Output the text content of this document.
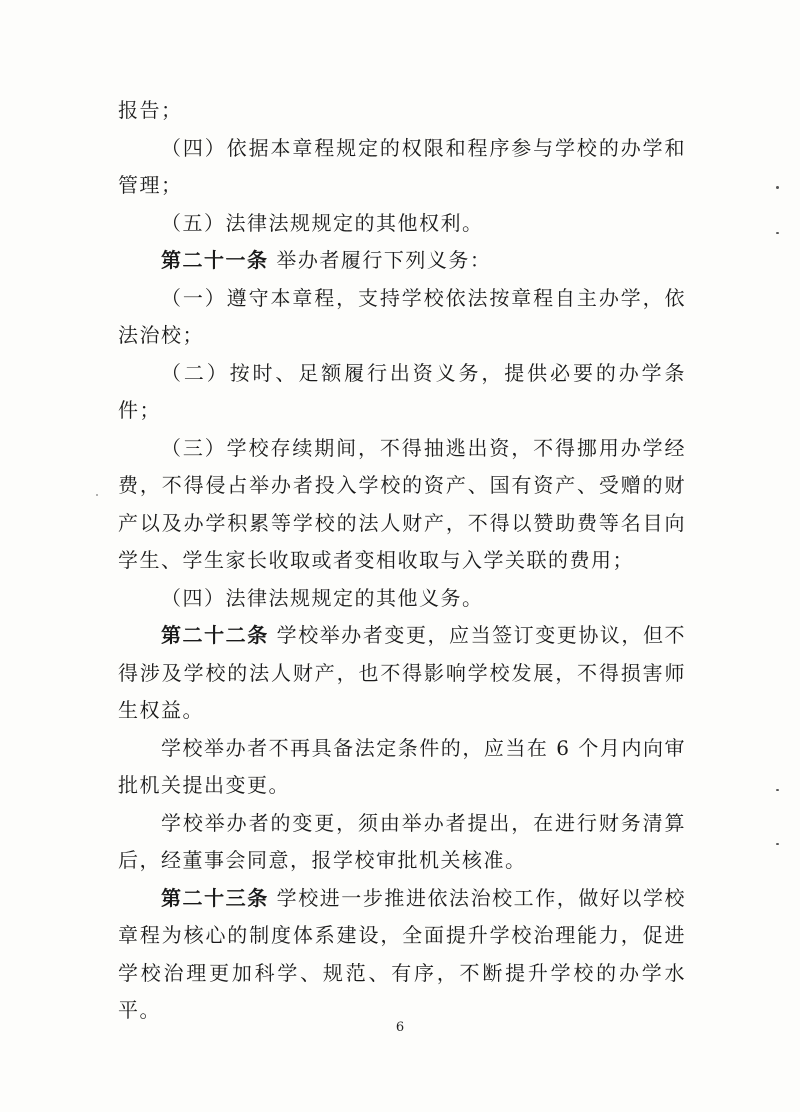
报告；

（四）依据本章程规定的权限和程序参与学校的办学和管理；

（五）法律法规规定的其他权利。

第二十一条 举办者履行下列义务：

（一）遵守本章程，支持学校依法按章程自主办学，依法治校；

（二）按时、足额履行出资义务，提供必要的办学条件；

（三）学校存续期间，不得抽逃出资，不得挪用办学经费，不得侵占举办者投入学校的资产、国有资产、受赠的财产以及办学积累等学校的法人财产，不得以赞助费等名目向学生、学生家长收取或者变相收取与入学关联的费用；

（四）法律法规规定的其他义务。

第二十二条 学校举办者变更，应当签订变更协议，但不得涉及学校的法人财产，也不得影响学校发展，不得损害师生权益。

学校举办者不再具备法定条件的，应当在 6 个月内向审批机关提出变更。

学校举办者的变更，须由举办者提出，在进行财务清算后，经董事会同意，报学校审批机关核准。

第二十三条 学校进一步推进依法治校工作，做好以学校章程为核心的制度体系建设，全面提升学校治理能力，促进学校治理更加科学、规范、有序，不断提升学校的办学水平。

6
